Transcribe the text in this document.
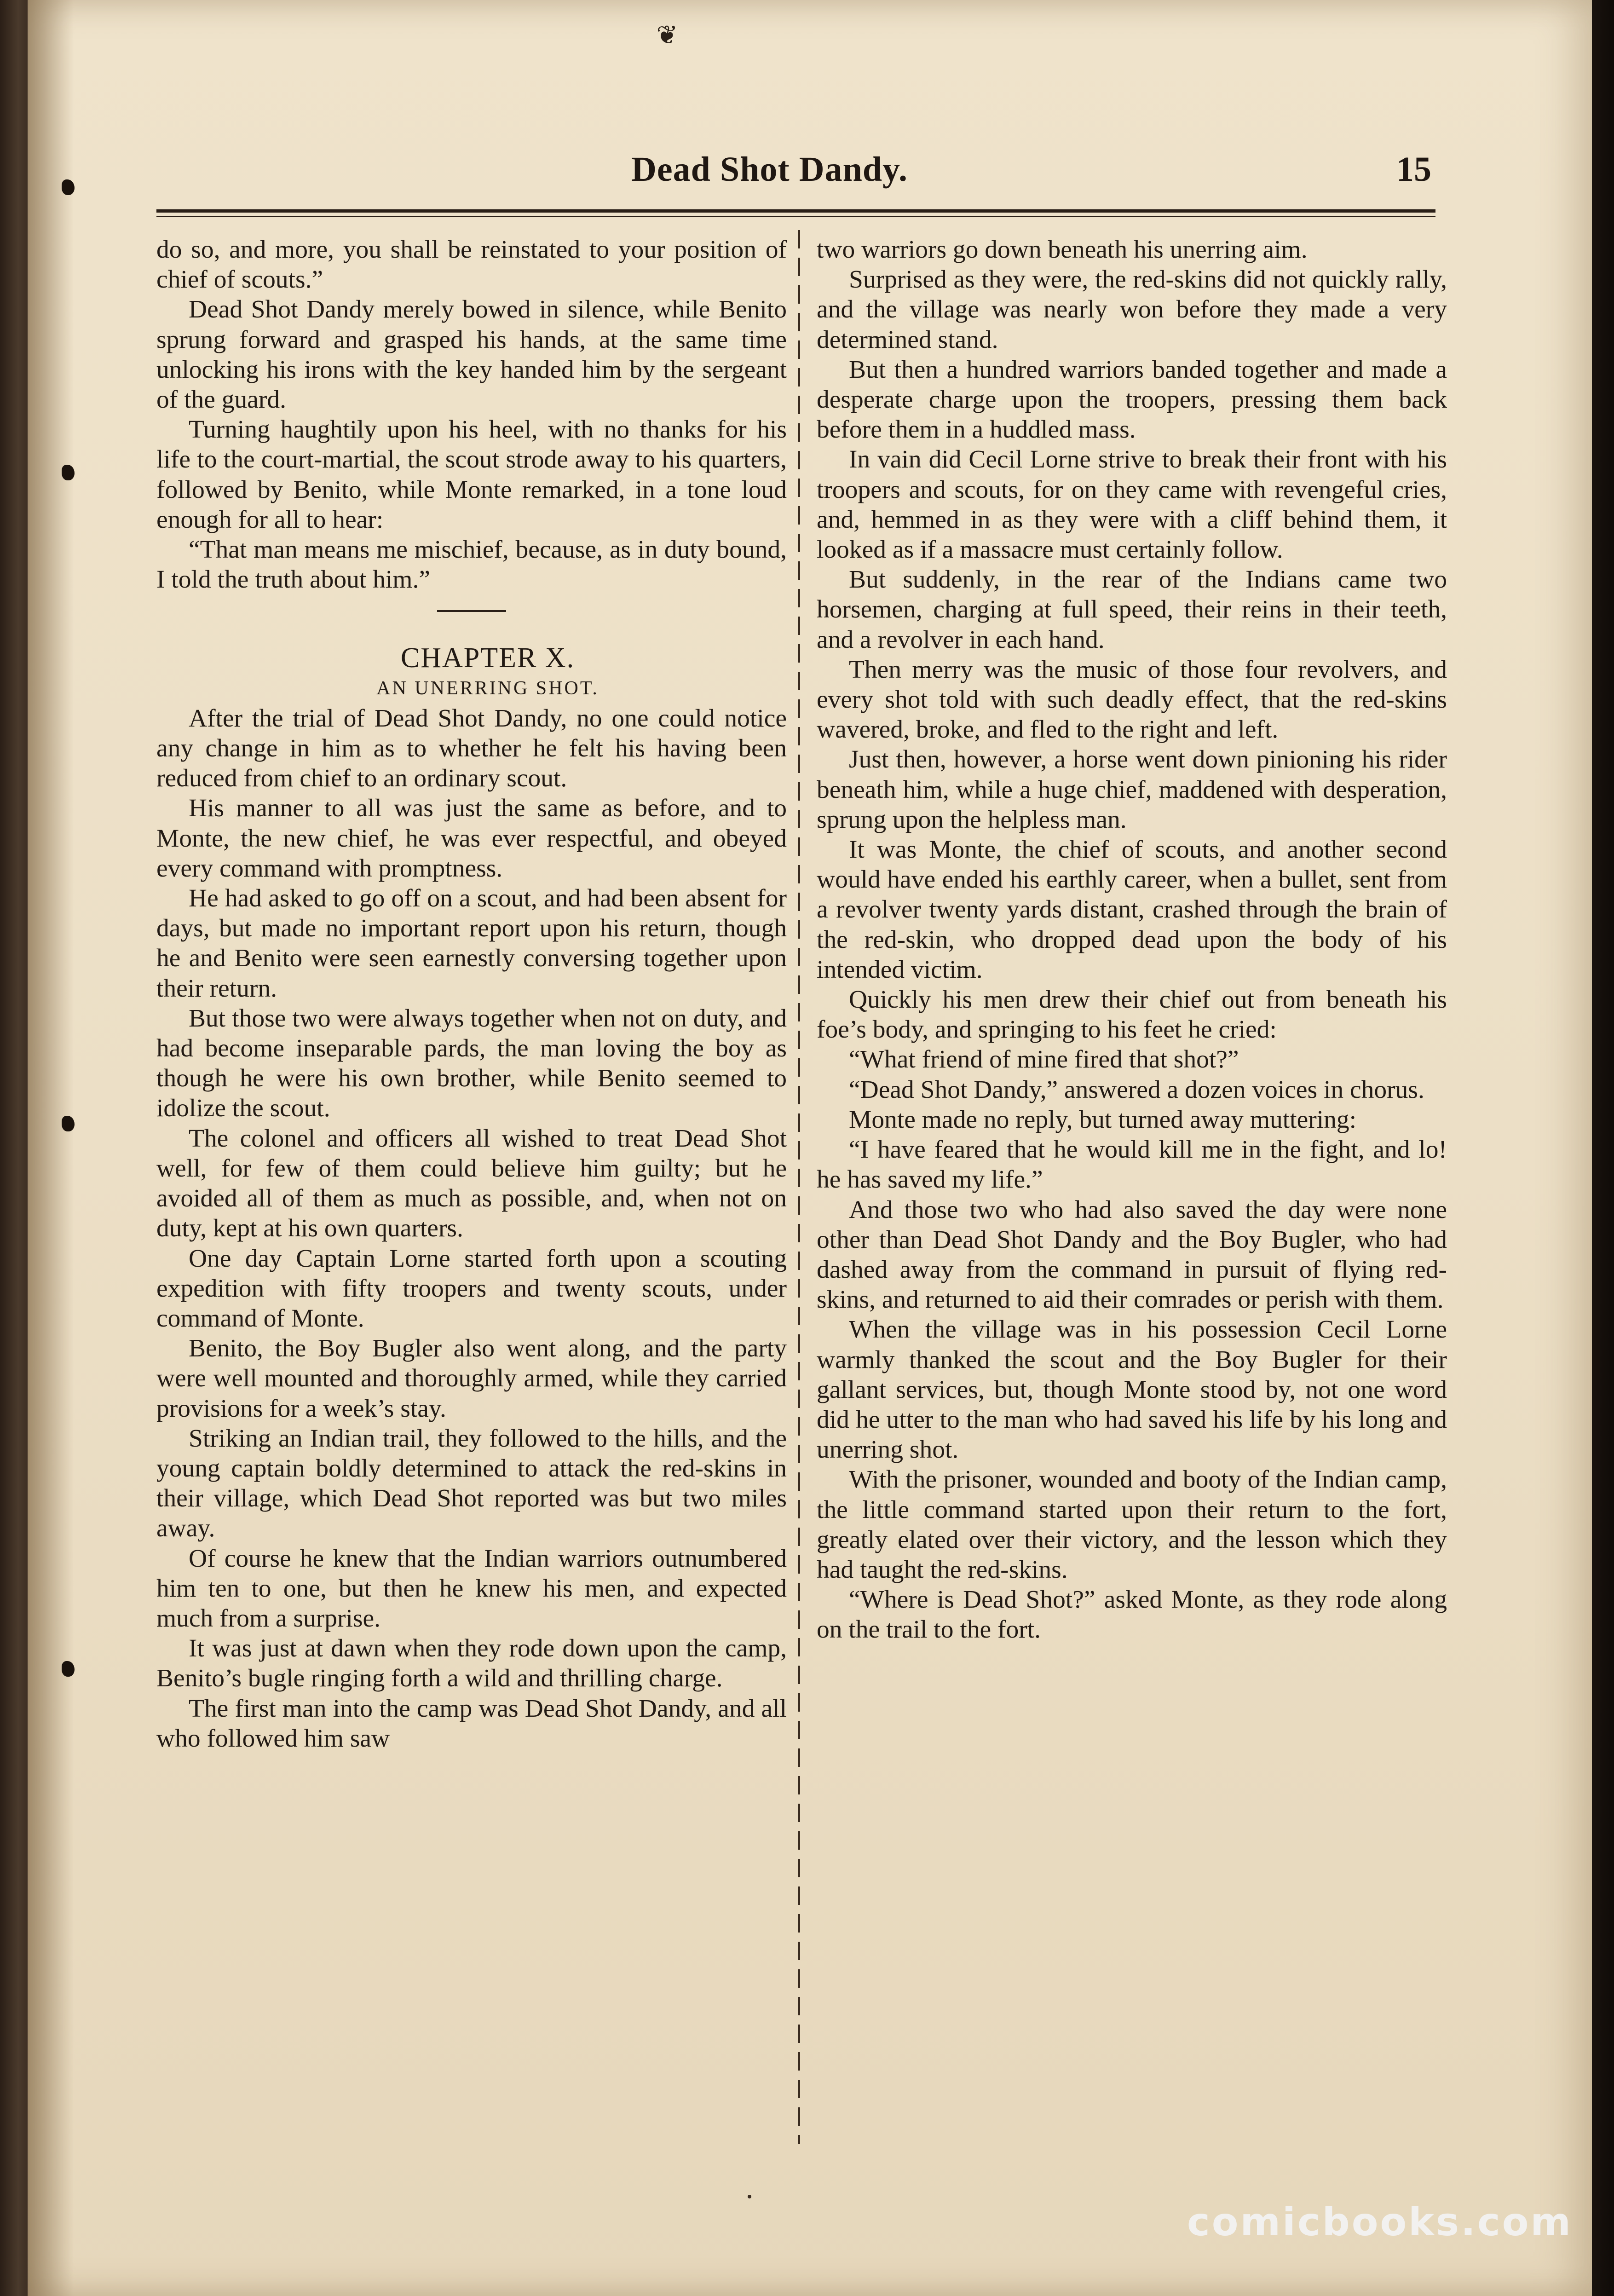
❦
Dead Shot Dandy.	15

do so, and more, you shall be reinstated to your position of chief of scouts.”

Dead Shot Dandy merely bowed in silence, while Benito sprung forward and grasped his hands, at the same time unlocking his irons with the key handed him by the sergeant of the guard.

Turning haughtily upon his heel, with no thanks for his life to the court-martial, the scout strode away to his quarters, followed by Benito, while Monte remarked, in a tone loud enough for all to hear:

“That man means me mischief, because, as in duty bound, I told the truth about him.”

CHAPTER X.

AN UNERRING SHOT.

After the trial of Dead Shot Dandy, no one could notice any change in him as to whether he felt his having been reduced from chief to an ordinary scout.

His manner to all was just the same as before, and to Monte, the new chief, he was ever respectful, and obeyed every command with promptness.

He had asked to go off on a scout, and had been absent for days, but made no important report upon his return, though he and Benito were seen earnestly conversing together upon their return.

But those two were always together when not on duty, and had become inseparable pards, the man loving the boy as though he were his own brother, while Benito seemed to idolize the scout.

The colonel and officers all wished to treat Dead Shot well, for few of them could believe him guilty; but he avoided all of them as much as possible, and, when not on duty, kept at his own quarters.

One day Captain Lorne started forth upon a scouting expedition with fifty troopers and twenty scouts, under command of Monte.

Benito, the Boy Bugler also went along, and the party were well mounted and thoroughly armed, while they carried provisions for a week’s stay.

Striking an Indian trail, they followed to the hills, and the young captain boldly determined to attack the red-skins in their village, which Dead Shot reported was but two miles away.

Of course he knew that the Indian warriors outnumbered him ten to one, but then he knew his men, and expected much from a surprise.

It was just at dawn when they rode down upon the camp, Benito’s bugle ringing forth a wild and thrilling charge.

The first man into the camp was Dead Shot Dandy, and all who followed him saw

two warriors go down beneath his unerring aim.

Surprised as they were, the red-skins did not quickly rally, and the village was nearly won before they made a very determined stand.

But then a hundred warriors banded together and made a desperate charge upon the troopers, pressing them back before them in a huddled mass.

In vain did Cecil Lorne strive to break their front with his troopers and scouts, for on they came with revengeful cries, and, hemmed in as they were with a cliff behind them, it looked as if a massacre must certainly follow.

But suddenly, in the rear of the Indians came two horsemen, charging at full speed, their reins in their teeth, and a revolver in each hand.

Then merry was the music of those four revolvers, and every shot told with such deadly effect, that the red-skins wavered, broke, and fled to the right and left.

Just then, however, a horse went down pinioning his rider beneath him, while a huge chief, maddened with desperation, sprung upon the helpless man.

It was Monte, the chief of scouts, and another second would have ended his earthly career, when a bullet, sent from a revolver twenty yards distant, crashed through the brain of the red-skin, who dropped dead upon the body of his intended victim.

Quickly his men drew their chief out from beneath his foe’s body, and springing to his feet he cried:

“What friend of mine fired that shot?”

“Dead Shot Dandy,” answered a dozen voices in chorus.

Monte made no reply, but turned away muttering:

“I have feared that he would kill me in the fight, and lo! he has saved my life.”

And those two who had also saved the day were none other than Dead Shot Dandy and the Boy Bugler, who had dashed away from the command in pursuit of flying red-skins, and returned to aid their comrades or perish with them.

When the village was in his possession Cecil Lorne warmly thanked the scout and the Boy Bugler for their gallant services, but, though Monte stood by, not one word did he utter to the man who had saved his life by his long and unerring shot.

With the prisoner, wounded and booty of the Indian camp, the little command started upon their return to the fort, greatly elated over their victory, and the lesson which they had taught the red-skins.

“Where is Dead Shot?” asked Monte, as they rode along on the trail to the fort.

comicbooks.com
